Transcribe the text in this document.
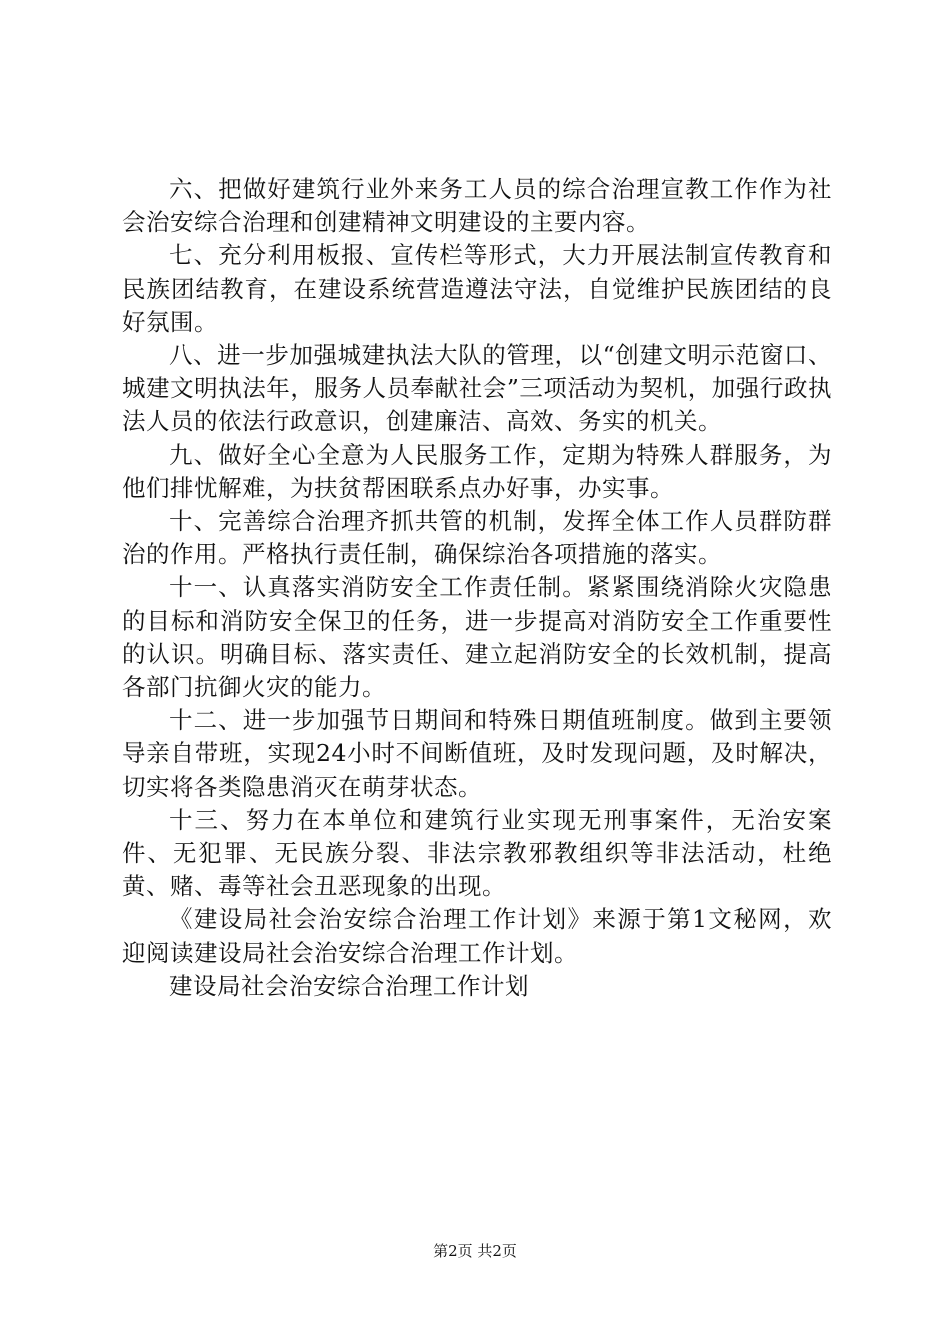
六、把做好建筑行业外来务工人员的综合治理宣教工作作为社会治安综合治理和创建精神文明建设的主要内容。

七、充分利用板报、宣传栏等形式，大力开展法制宣传教育和民族团结教育，在建设系统营造遵法守法，自觉维护民族团结的良好氛围。

八、进一步加强城建执法大队的管理，以“创建文明示范窗口、城建文明执法年，服务人员奉献社会”三项活动为契机，加强行政执法人员的依法行政意识，创建廉洁、高效、务实的机关。

九、做好全心全意为人民服务工作，定期为特殊人群服务，为他们排忧解难，为扶贫帮困联系点办好事，办实事。

十、完善综合治理齐抓共管的机制，发挥全体工作人员群防群治的作用。严格执行责任制，确保综治各项措施的落实。

十一、认真落实消防安全工作责任制。紧紧围绕消除火灾隐患的目标和消防安全保卫的任务，进一步提高对消防安全工作重要性的认识。明确目标、落实责任、建立起消防安全的长效机制，提高各部门抗御火灾的能力。

十二、进一步加强节日期间和特殊日期值班制度。做到主要领导亲自带班，实现24小时不间断值班，及时发现问题，及时解决，切实将各类隐患消灭在萌芽状态。

十三、努力在本单位和建筑行业实现无刑事案件，无治安案件、无犯罪、无民族分裂、非法宗教邪教组织等非法活动，杜绝黄、赌、毒等社会丑恶现象的出现。

《建设局社会治安综合治理工作计划》来源于第1文秘网，欢迎阅读建设局社会治安综合治理工作计划。

建设局社会治安综合治理工作计划

第2页 共2页
